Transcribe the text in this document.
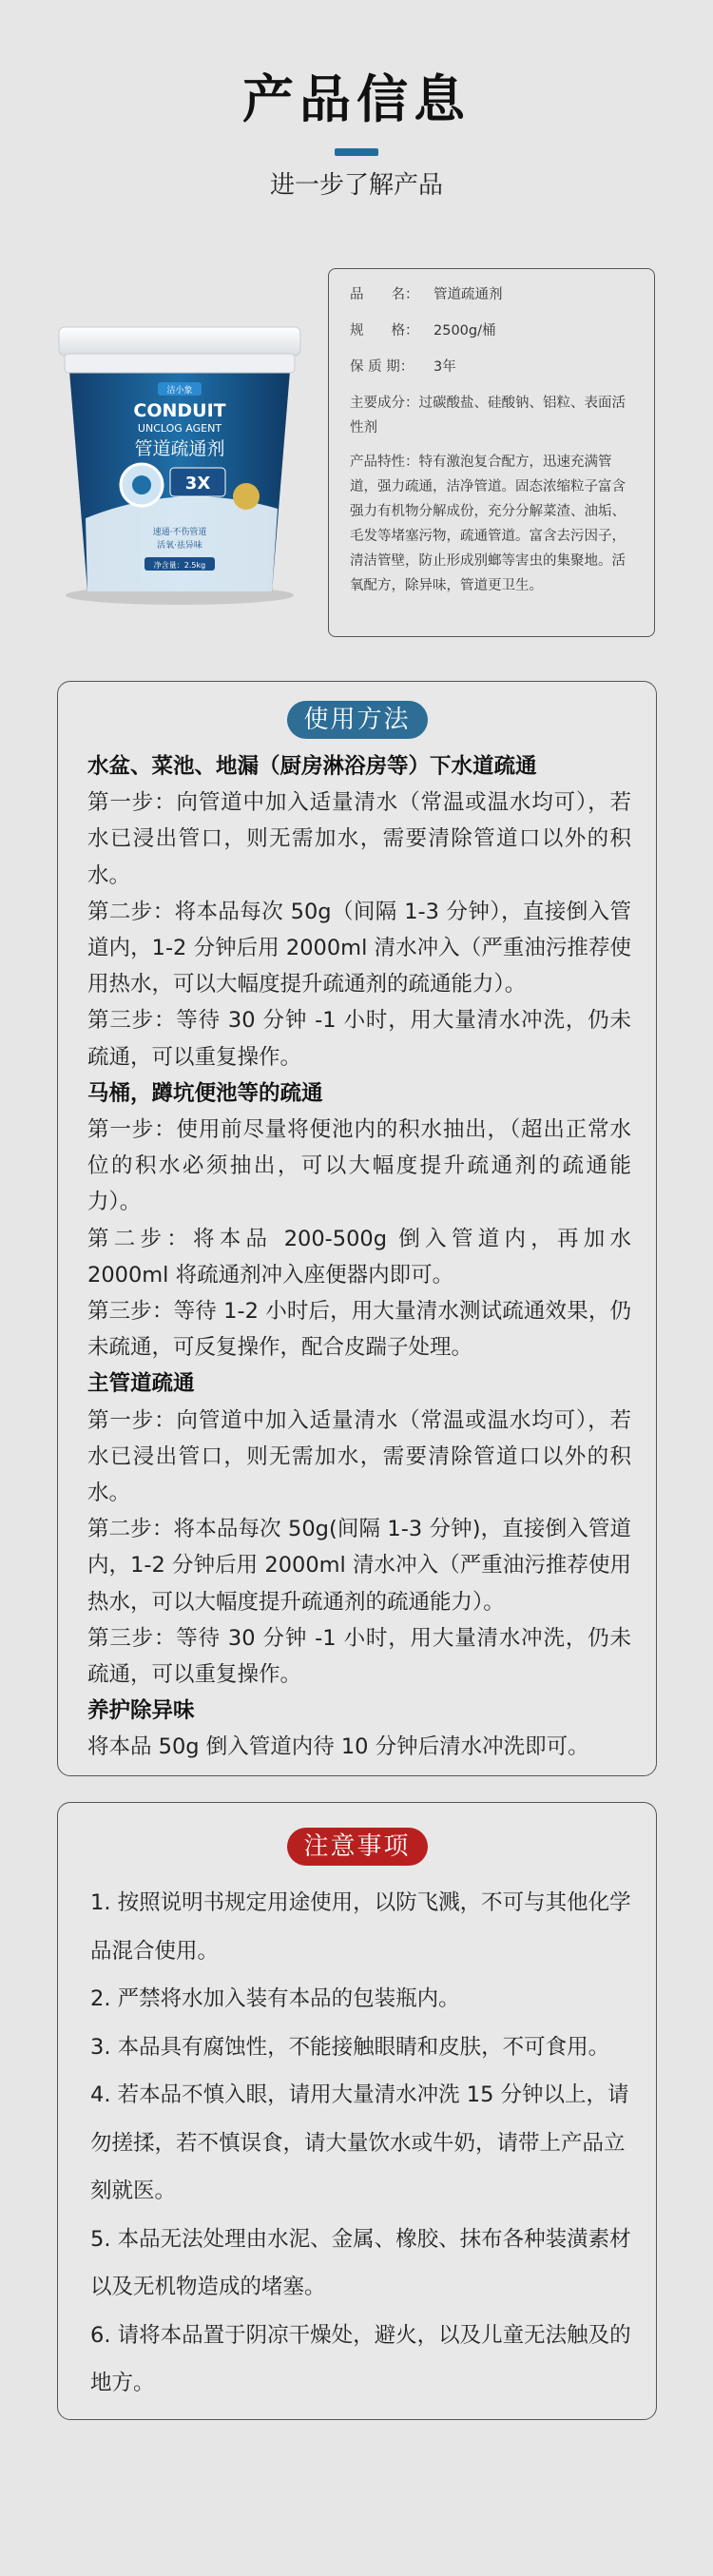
产品信息
进一步了解产品
洁小象
CONDUIT
UNCLOG AGENT
管道疏通剂
3X
速通·不伤管道
活氧·祛异味
净含量：2.5kg
品　　名：	管道疏通剂
规　　格：	2500g/桶
保 质 期：	3年
主要成分：过碳酸盐、硅酸钠、铝粒、表面活性剂
产品特性：特有激泡复合配方，迅速充满管道，强力疏通，洁净管道。固态浓缩粒子富含强力有机物分解成份，充分分解菜渣、油垢、毛发等堵塞污物，疏通管道。富含去污因子，清洁管壁，防止形成别螂等害虫的集聚地。活氧配方，除异味，管道更卫生。
使用方法

水盆、菜池、地漏（厨房淋浴房等）下水道疏通

第一步：向管道中加入适量清水（常温或温水均可），若水已浸出管口，则无需加水，需要清除管道口以外的积水。

第二步：将本品每次 50g（间隔 1-3 分钟），直接倒入管道内，1-2 分钟后用 2000ml 清水冲入（严重油污推荐使用热水，可以大幅度提升疏通剂的疏通能力）。

第三步：等待 30 分钟 -1 小时，用大量清水冲洗，仍未疏通，可以重复操作。

马桶，蹲坑便池等的疏通

第一步：使用前尽量将便池内的积水抽出，（超出正常水位的积水必须抽出，可以大幅度提升疏通剂的疏通能力）。

第二步：将本品 200-500g 倒入管道内，再加水 2000ml 将疏通剂冲入座便器内即可。

第三步：等待 1-2 小时后，用大量清水测试疏通效果，仍未疏通，可反复操作，配合皮踹子处理。

主管道疏通

第一步：向管道中加入适量清水（常温或温水均可），若水已浸出管口，则无需加水，需要清除管道口以外的积水。

第二步：将本品每次 50g(间隔 1-3 分钟)，直接倒入管道内，1-2 分钟后用 2000ml 清水冲入（严重油污推荐使用热水，可以大幅度提升疏通剂的疏通能力）。

第三步：等待 30 分钟 -1 小时，用大量清水冲洗，仍未疏通，可以重复操作。

养护除异味

将本品 50g 倒入管道内待 10 分钟后清水冲洗即可。

注意事项

1. 按照说明书规定用途使用，以防飞溅，不可与其他化学品混合使用。

2. 严禁将水加入装有本品的包装瓶内。

3. 本品具有腐蚀性，不能接触眼睛和皮肤，不可食用。

4. 若本品不慎入眼，请用大量清水冲洗 15 分钟以上，请勿搓揉，若不慎误食，请大量饮水或牛奶，请带上产品立刻就医。

5. 本品无法处理由水泥、金属、橡胶、抹布各种装潢素材以及无机物造成的堵塞。

6. 请将本品置于阴凉干燥处，避火，以及儿童无法触及的地方。
